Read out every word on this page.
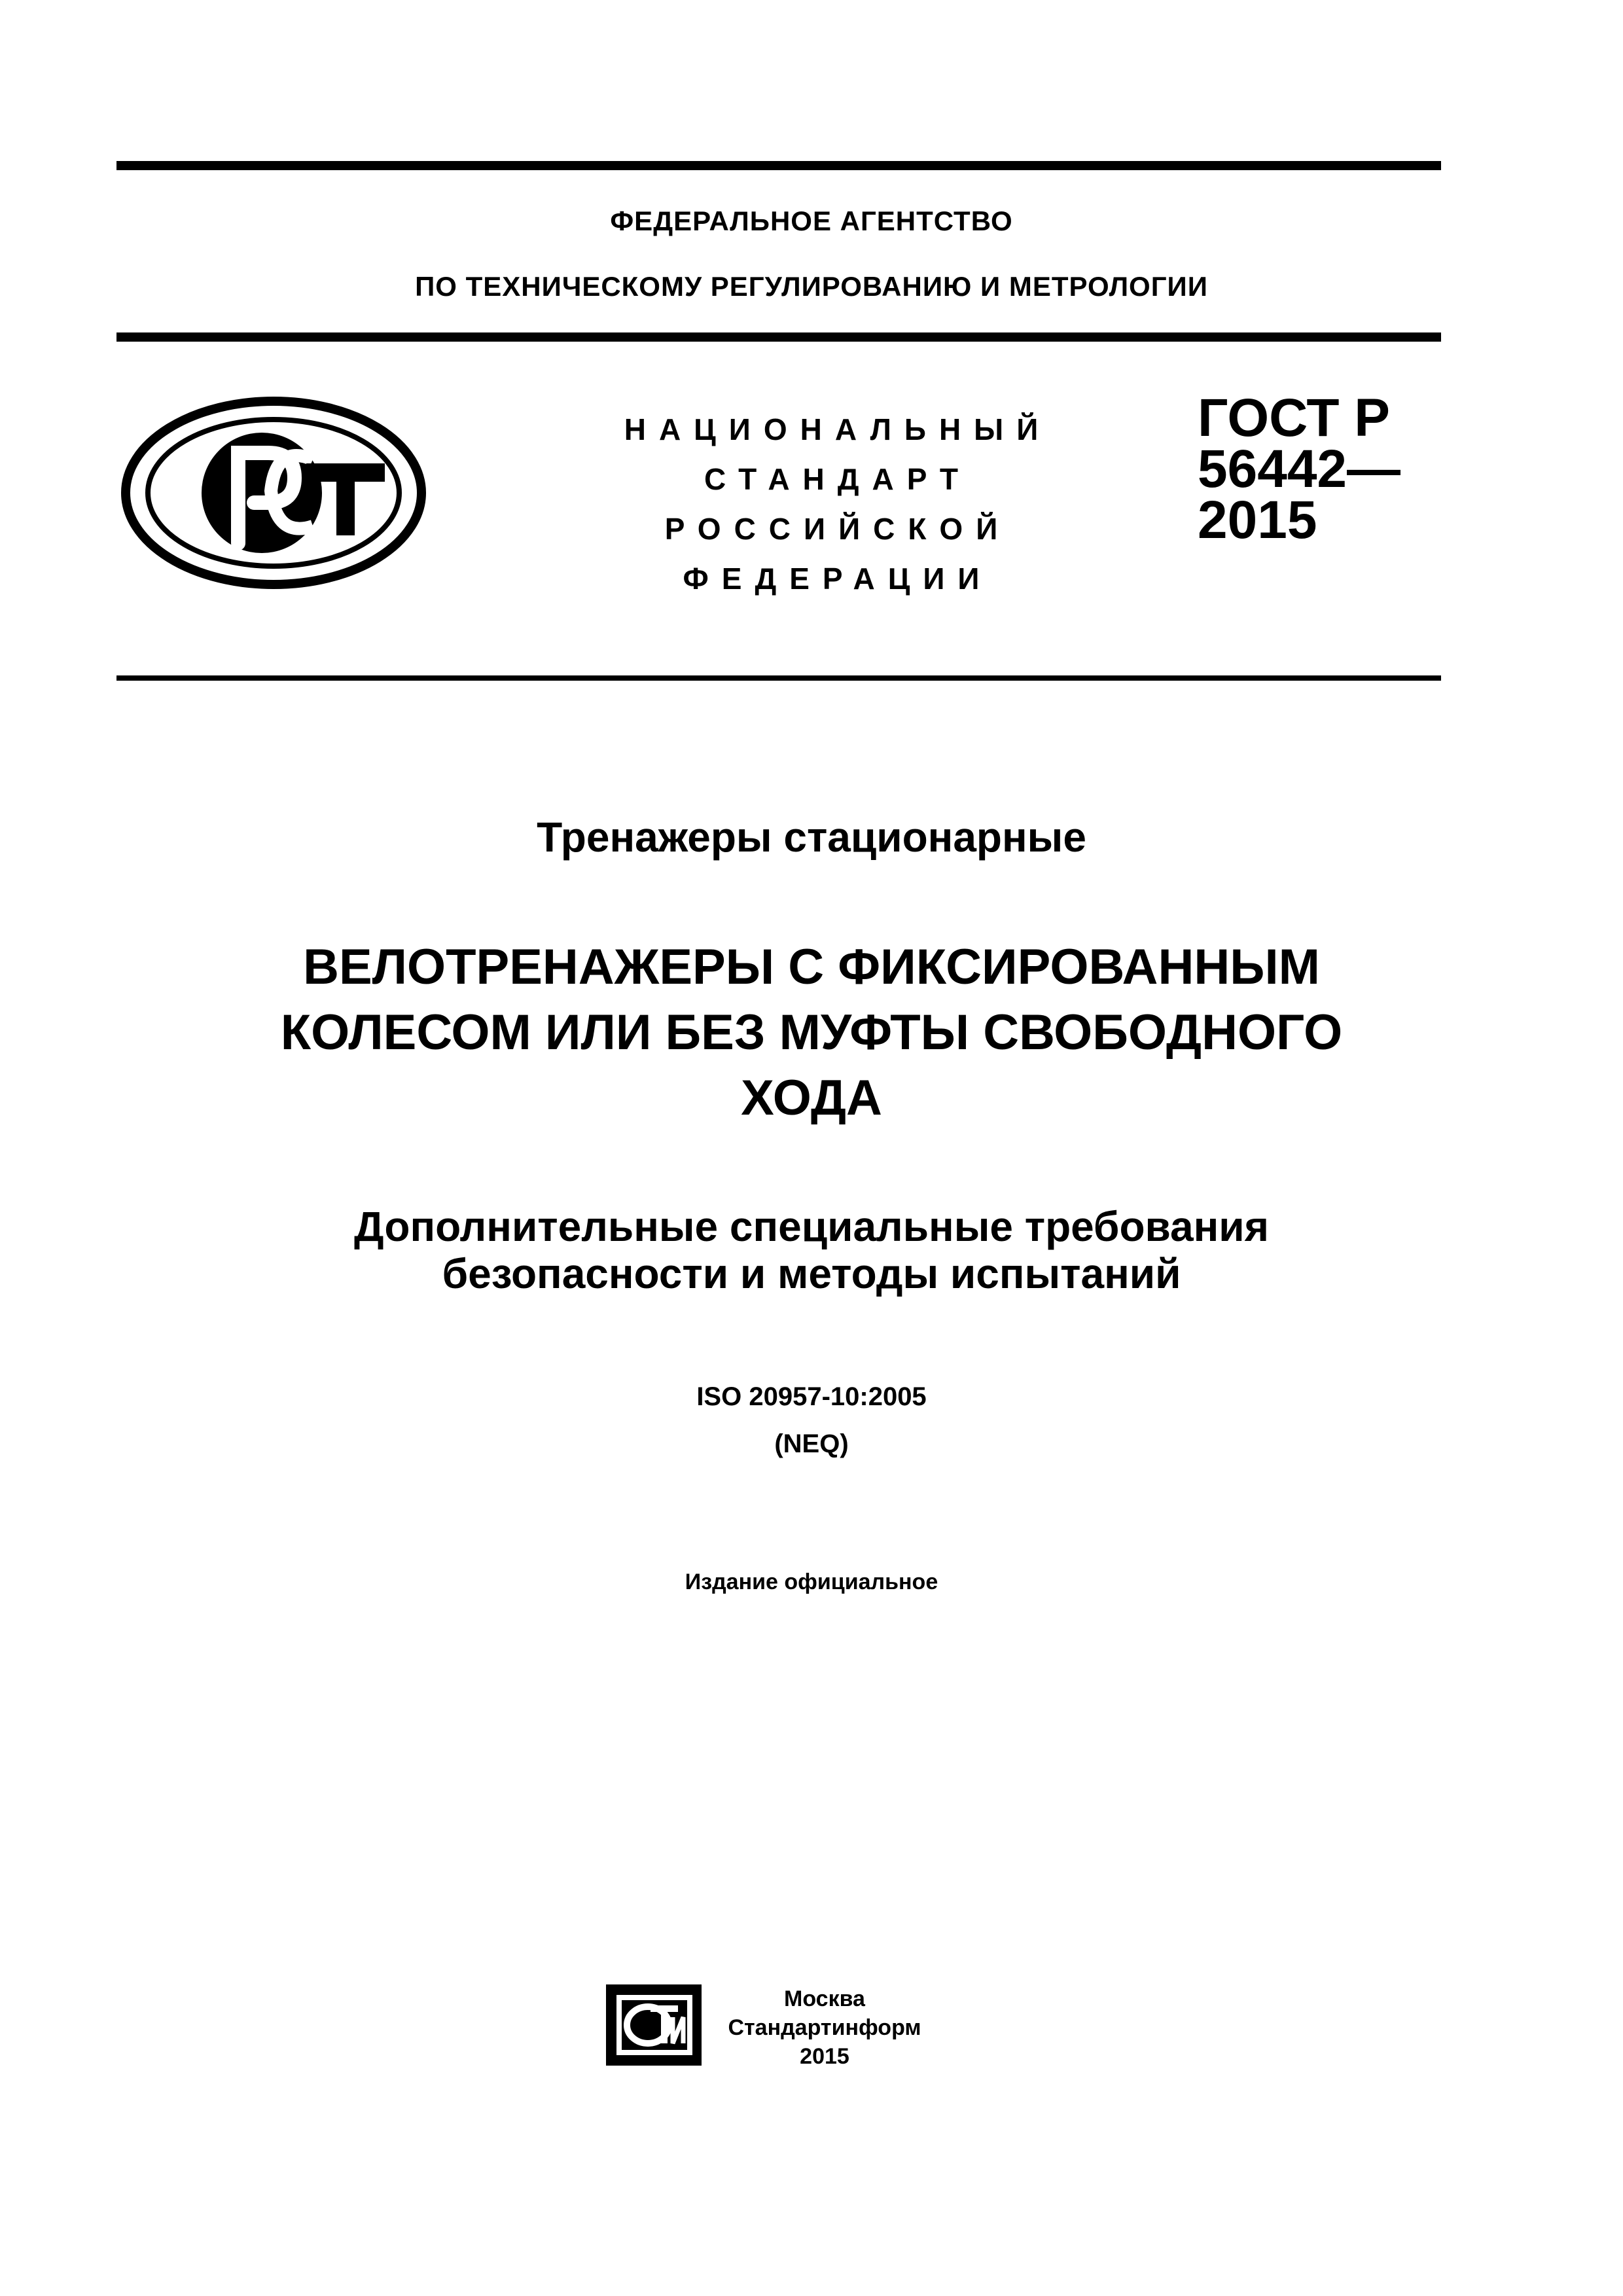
ФЕДЕРАЛЬНОЕ АГЕНТСТВО
ПО ТЕХНИЧЕСКОМУ РЕГУЛИРОВАНИЮ И МЕТРОЛОГИИ
НАЦИОНАЛЬНЫЙ
СТАНДАРТ
РОССИЙСКОЙ
ФЕДЕРАЦИИ
ГОСТ Р
56442—
2015
Тренажеры стационарные
ВЕЛОТРЕНАЖЕРЫ С ФИКСИРОВАННЫМ
КОЛЕСОМ ИЛИ БЕЗ МУФТЫ СВОБОДНОГО
ХОДА
Дополнительные специальные требования
безопасности и методы испытаний
ISO 20957-10:2005
(NEQ)
Издание официальное
Москва
Стандартинформ
2015
